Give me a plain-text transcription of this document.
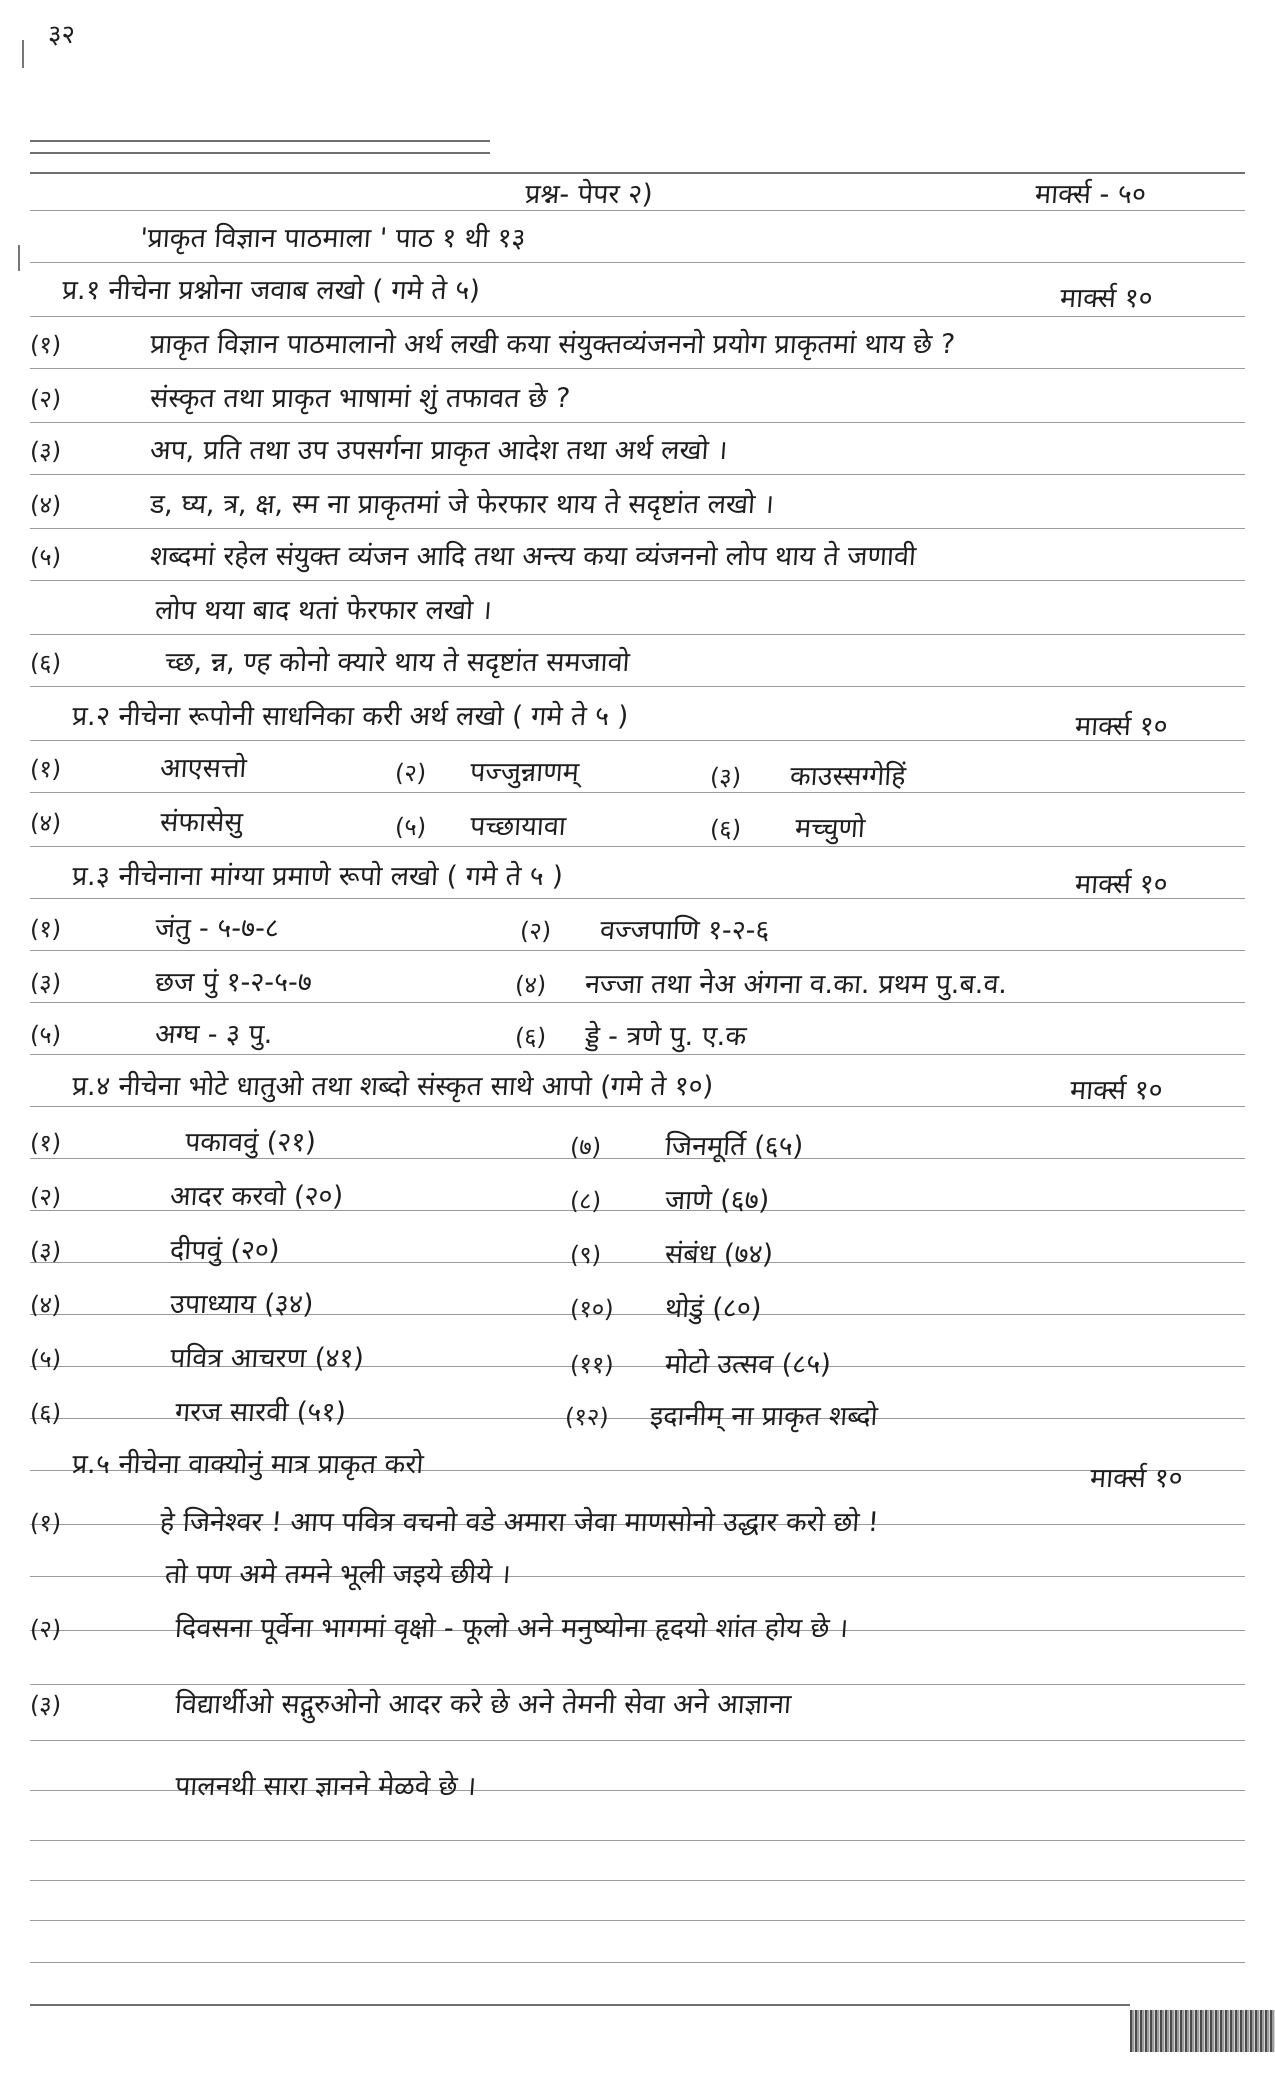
३२
प्रश्न- पेपर २)	मार्क्स - ५०
'प्राकृत विज्ञान पाठमाला ' पाठ १ थी १३
प्र.१ नीचेना प्रश्नोना जवाब लखो ( गमे ते ५)	मार्क्स १०
(१)	प्राकृत विज्ञान पाठमालानो अर्थ लखी कया संयुक्तव्यंजननो प्रयोग प्राकृतमां थाय छे ?
(२)	संस्कृत तथा प्राकृत भाषामां शुं तफावत छे ?
(३)	अप, प्रति तथा उप उपसर्गना प्राकृत आदेश तथा अर्थ लखो ।
(४)	ड, घ्य, त्र, क्ष, स्म ना प्राकृतमां जे फेरफार थाय ते सदृष्टांत लखो ।
(५)	शब्दमां रहेल संयुक्त व्यंजन आदि तथा अन्त्य कया व्यंजननो लोप थाय ते जणावी
लोप थया बाद थतां फेरफार लखो ।
(६)	च्छ, न्न, ण्ह कोनो क्यारे थाय ते सदृष्टांत समजावो
प्र.२ नीचेना रूपोनी साधनिका करी अर्थ लखो ( गमे ते ५ )	मार्क्स १०
(१)	आएसत्तो	(२) पज्जुन्नाणम्	(३) काउस्सग्गेहिं
(४)	संफासेसु	(५) पच्छायावा	(६) मच्चुणो
प्र.३ नीचेनाना मांग्या प्रमाणे रूपो लखो ( गमे ते ५ )	मार्क्स १०
(१)	जंतु - ५-७-८	(२) वज्जपाणि १-२-६
(३)	छज पुं १-२-५-७	(४) नज्जा तथा नेअ अंगना व.का. प्रथम पु.ब.व.
(५)	अग्घ - ३ पु.	(६) ड्डे - त्रणे पु. ए.क
प्र.४ नीचेना भोटे धातुओ तथा शब्दो संस्कृत साथे आपो (गमे ते १०)	मार्क्स १०
(१)	पकाववुं (२१)	(७) जिनमूर्ति (६५)
(२)	आदर करवो (२०)	(८) जाणे (६७)
(३)	दीपवुं (२०)	(९) संबंध (७४)
(४)	उपाध्याय (३४)	(१०) थोडुं (८०)
(५)	पवित्र आचरण (४१)	(११) मोटो उत्सव (८५)
(६)	गरज सारवी (५१)	(१२) इदानीम् ना प्राकृत शब्दो
प्र.५ नीचेना वाक्योनुं मात्र प्राकृत करो	मार्क्स १०
(१)	हे जिनेश्वर ! आप पवित्र वचनो वडे अमारा जेवा माणसोनो उद्धार करो छो !
तो पण अमे तमने भूली जइये छीये ।
(२)	दिवसना पूर्वेना भागमां वृक्षो - फूलो अने मनुष्योना हृदयो शांत होय छे ।
(३)	विद्यार्थीओ सद्गुरुओनो आदर करे छे अने तेमनी सेवा अने आज्ञाना
पालनथी सारा ज्ञानने मेळवे छे ।
